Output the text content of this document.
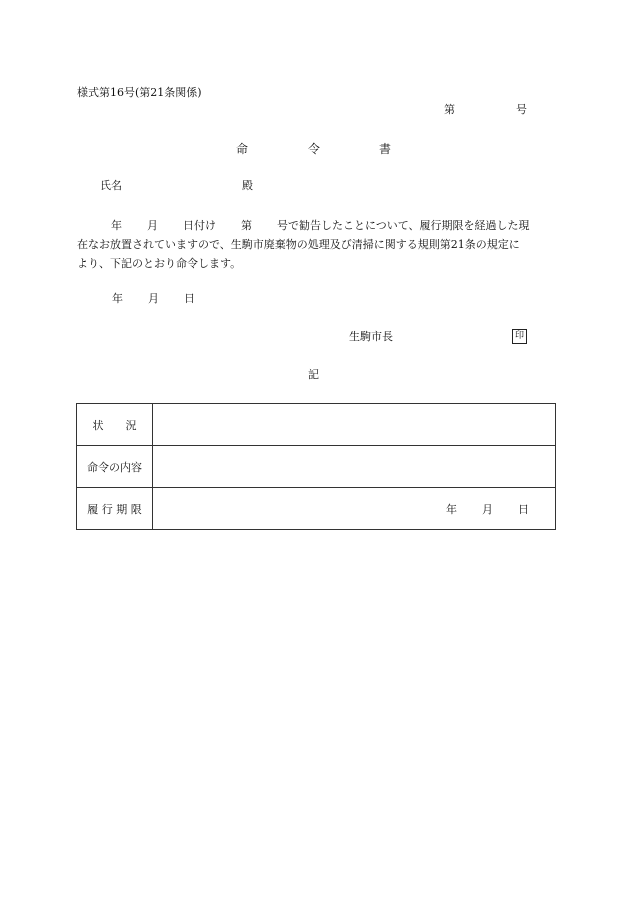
様式第16号(第21条関係)
第	号
命	令	書
氏名	殿
年 月 日付け 第 号で勧告したことについて、履行期限を経過した現
在なお放置されていますので、生駒市廃棄物の処理及び清掃に関する規則第21条の規定に
より、下記のとおり命令します。
年 月 日
生駒市長	印
記
状　　況	
命令の内容	
履 行 期 限	年 月 日
